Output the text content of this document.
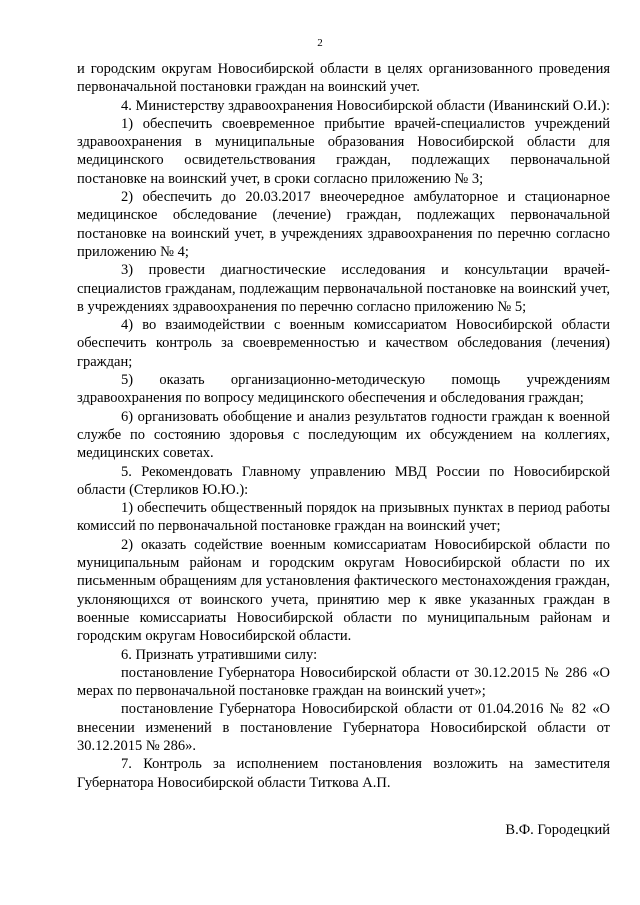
2

и городским округам Новосибирской области в целях организованного проведения первоначальной постановки граждан на воинский учет.

4. Министерству здравоохранения Новосибирской области (Иванинский О.И.):

1) обеспечить своевременное прибытие врачей-специалистов учреждений здравоохранения в муниципальные образования Новосибирской области для медицинского освидетельствования граждан, подлежащих первоначальной постановке на воинский учет, в сроки согласно приложению № 3;

2) обеспечить до 20.03.2017 внеочередное амбулаторное и стационарное медицинское обследование (лечение) граждан, подлежащих первоначальной постановке на воинский учет, в учреждениях здравоохранения по перечню согласно приложению № 4;

3) провести диагностические исследования и консультации врачей-специалистов гражданам, подлежащим первоначальной постановке на воинский учет, в учреждениях здравоохранения по перечню согласно приложению № 5;

4) во взаимодействии с военным комиссариатом Новосибирской области обеспечить контроль за своевременностью и качеством обследования (лечения) граждан;

5) оказать организационно-методическую помощь учреждениям здравоохранения по вопросу медицинского обеспечения и обследования граждан;

6) организовать обобщение и анализ результатов годности граждан к военной службе по состоянию здоровья с последующим их обсуждением на коллегиях, медицинских советах.

5. Рекомендовать Главному управлению МВД России по Новосибирской области (Стерликов Ю.Ю.):

1) обеспечить общественный порядок на призывных пунктах в период работы комиссий по первоначальной постановке граждан на воинский учет;

2) оказать содействие военным комиссариатам Новосибирской области по муниципальным районам и городским округам Новосибирской области по их письменным обращениям для установления фактического местонахождения граждан, уклоняющихся от воинского учета, принятию мер к явке указанных граждан в военные комиссариаты Новосибирской области по муниципальным районам и городским округам Новосибирской области.

6. Признать утратившими силу:

постановление Губернатора Новосибирской области от 30.12.2015 № 286 «О мерах по первоначальной постановке граждан на воинский учет»;

постановление Губернатора Новосибирской области от 01.04.2016 № 82 «О внесении изменений в постановление Губернатора Новосибирской области от 30.12.2015 № 286».

7. Контроль за исполнением постановления возложить на заместителя Губернатора Новосибирской области Титкова А.П.

В.Ф. Городецкий
